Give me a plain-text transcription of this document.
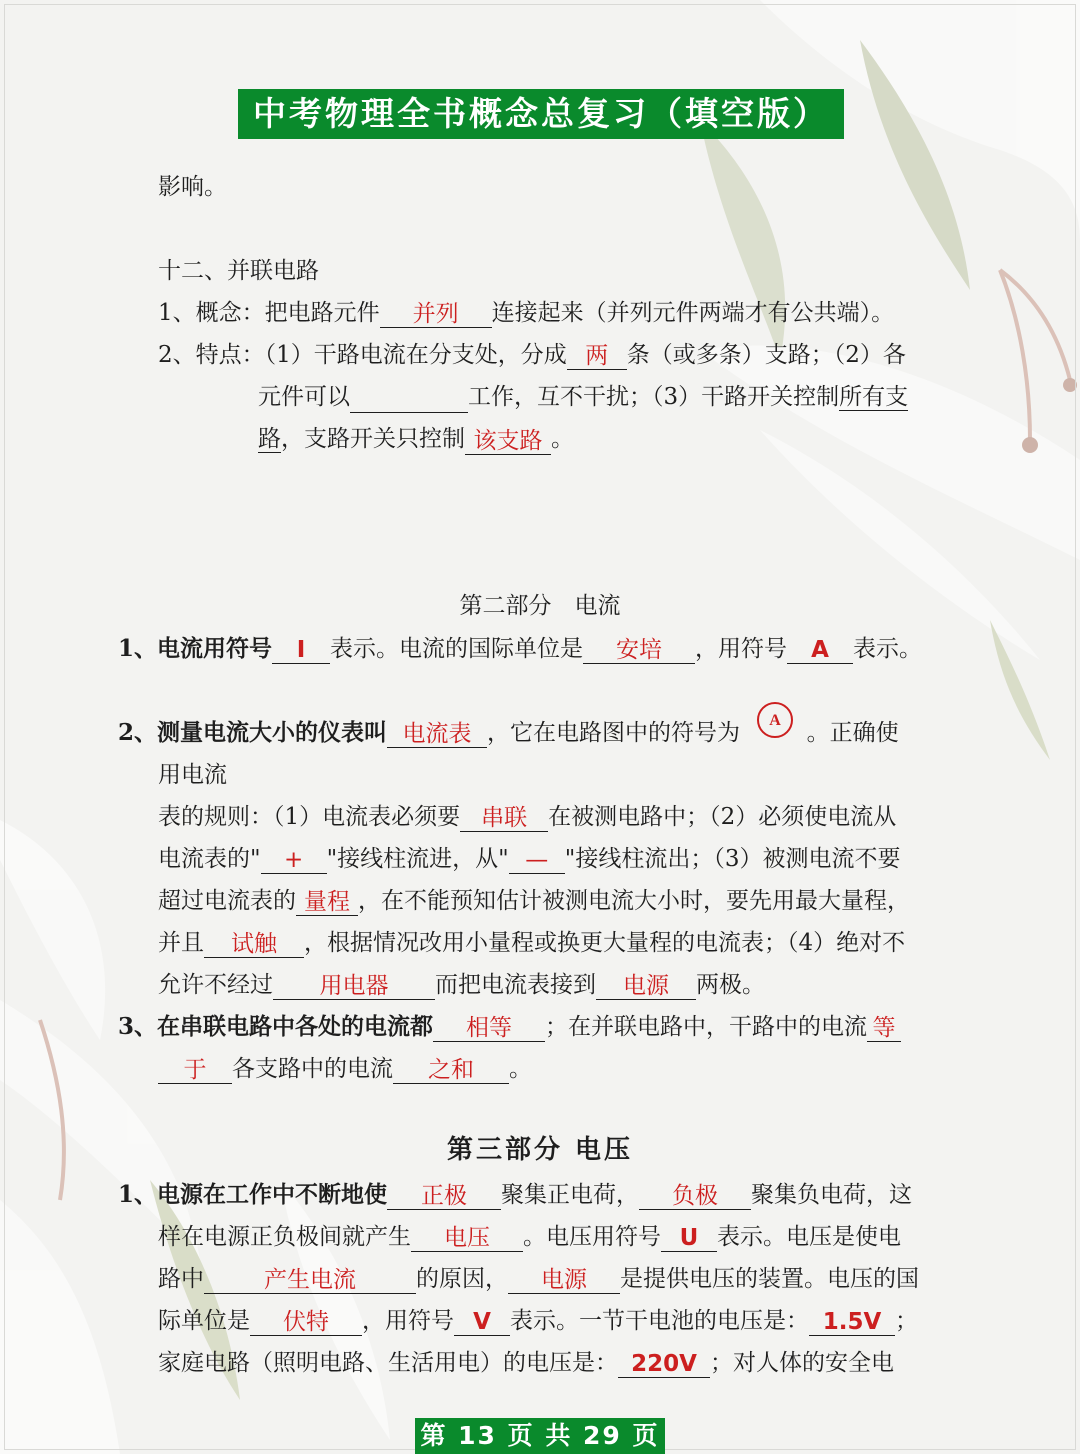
中考物理全书概念总复习（填空版）
影响。
十二、并联电路
1、概念：把电路元件 并列 连接起来（并列元件两端才有公共端）。
2、特点：（1）干路电流在分支处，分成 两 条（或多条）支路；（2）各
元件可以	工作，互不干扰；（3）干路开关控制所有支
路，支路开关只控制 该支路 。
第二部分　电流
1、电流用符号 I 表示。电流的国际单位是 安培 ，用符号 A 表示。
2、测量电流大小的仪表叫 电流表 ，它在电路图中的符号为 A 。正确使
用电流
表的规则：（1）电流表必须要 串联 在被测电路中；（2）必须使电流从
电流表的" + "接线柱流进，从" — "接线柱流出；（3）被测电流不要
超过电流表的 量程 ，在不能预知估计被测电流大小时，要先用最大量程，
并且 试触 ，根据情况改用小量程或换更大量程的电流表；（4）绝对不
允许不经过 用电器 而把电流表接到 电源 两极。
3、在串联电路中各处的电流都 相等 ；在并联电路中，干路中的电流 等
于 各支路中的电流 之和 。
第三部分 电压
1、电源在工作中不断地使 正极 聚集正电荷， 负极 聚集负电荷，这
样在电源正负极间就产生 电压 。电压用符号 U 表示。电压是使电
路中	产生电流	的原因， 电源 是提供电压的装置。电压的国
际单位是 伏特 ，用符号 V 表示。一节干电池的电压是： 1.5V ；
家庭电路（照明电路、生活用电）的电压是： 220V ；对人体的安全电
第 13 页 共 29 页
